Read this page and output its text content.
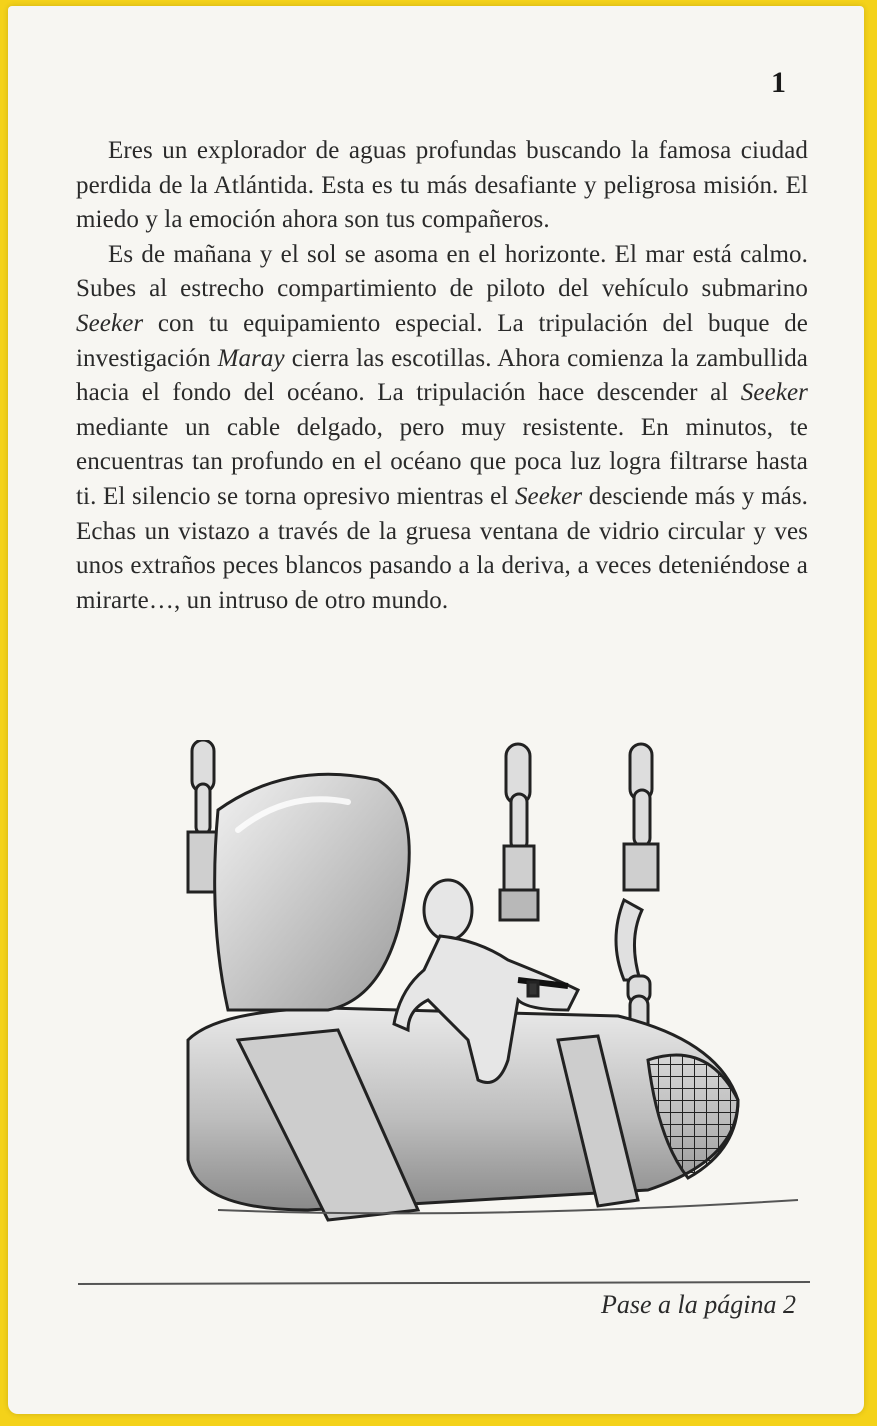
1

Eres un explorador de aguas profundas buscando la famosa ciudad perdida de la Atlántida. Esta es tu más desafiante y peligrosa misión. El miedo y la emoción ahora son tus compañeros.

Es de mañana y el sol se asoma en el horizonte. El mar está calmo. Subes al estrecho compartimiento de piloto del vehículo submarino Seeker con tu equipamiento especial. La tripulación del buque de investigación Maray cierra las escotillas. Ahora comienza la zambullida hacia el fondo del océano. La tripulación hace descender al Seeker mediante un cable delgado, pero muy resistente. En minutos, te encuentras tan profundo en el océano que poca luz logra filtrarse hasta ti. El silencio se torna opresivo mientras el Seeker desciende más y más. Echas un vistazo a través de la gruesa ventana de vidrio circular y ves unos extraños peces blancos pasando a la deriva, a veces deteniéndose a mirarte…, un intruso de otro mundo.

Pase a la página 2
